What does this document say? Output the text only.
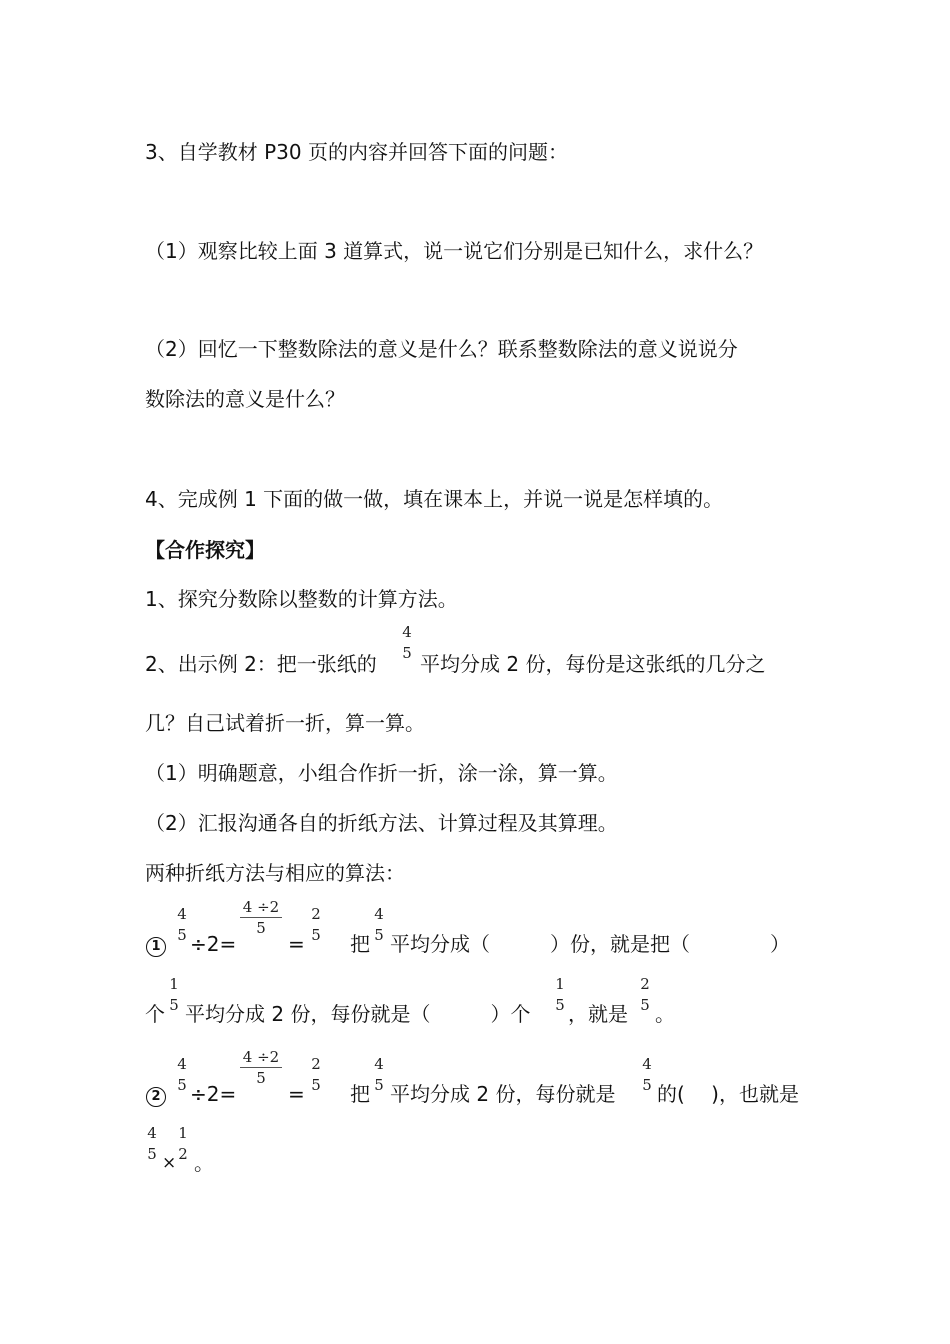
3、自学教材 P30 页的内容并回答下面的问题：
（1）观察比较上面 3 道算式，说一说它们分别是已知什么，求什么？
（2）回忆一下整数除法的意义是什么？联系整数除法的意义说说分
数除法的意义是什么？
4、完成例 1 下面的做一做，填在课本上，并说一说是怎样填的。
【合作探究】
1、探究分数除以整数的计算方法。
2、出示例 2：把一张纸的
4
5 平均分成 2 份，每份是这张纸的几分之
几？自己试着折一折，算一算。
（1）明确题意，小组合作折一折，涂一涂，算一算。
（2）汇报沟通各自的折纸方法、计算过程及其算理。
两种折纸方法与相应的算法：
1
4
5 ÷2=
4 ÷2
5
=
2
5 把
4
5 平均分成（　　　）份，就是把（　　　　）
个
1
5 平均分成 2 份，每份就是（　　　）个
1
5 ，就是
2
5 。
2
4
5 ÷2=
4 ÷2
5
=
2
5 把
4
5 平均分成 2 份，每份就是
4
5 的(　 )，也就是
4
5 ×
1
2 。
